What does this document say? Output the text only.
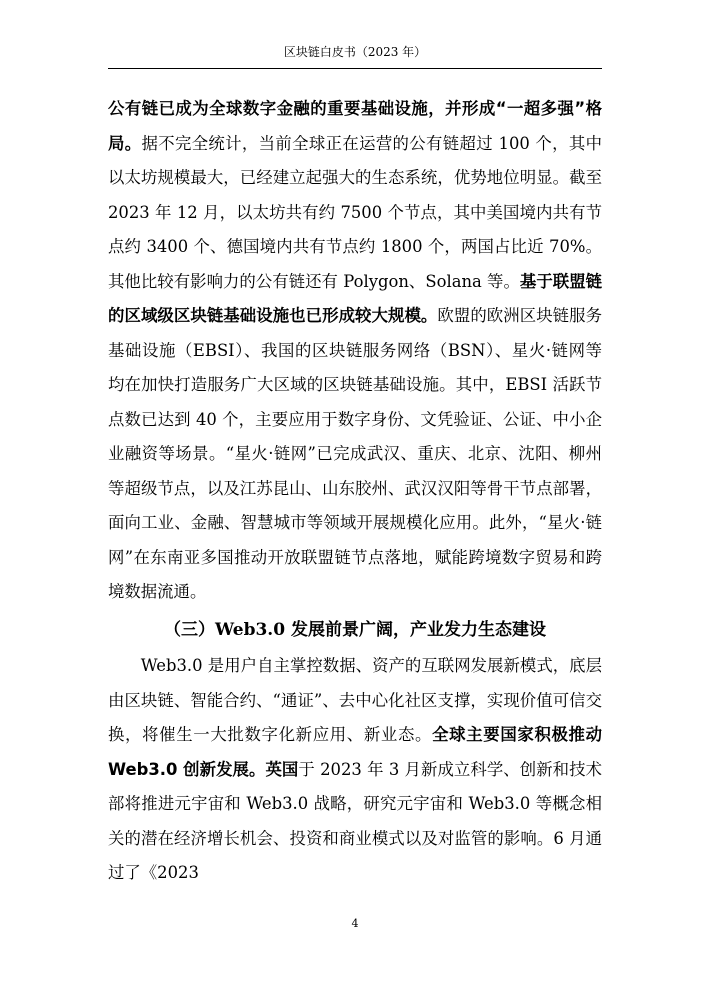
区块链白皮书（2023 年）

公有链已成为全球数字金融的重要基础设施，并形成“一超多强”格局。据不完全统计，当前全球正在运营的公有链超过 100 个，其中以太坊规模最大，已经建立起强大的生态系统，优势地位明显。截至 2023 年 12 月，以太坊共有约 7500 个节点，其中美国境内共有节点约 3400 个、德国境内共有节点约 1800 个，两国占比近 70%。其他比较有影响力的公有链还有 Polygon、Solana 等。基于联盟链的区域级区块链基础设施也已形成较大规模。欧盟的欧洲区块链服务基础设施（EBSI）、我国的区块链服务网络（BSN）、星火·链网等均在加快打造服务广大区域的区块链基础设施。其中，EBSI 活跃节点数已达到 40 个，主要应用于数字身份、文凭验证、公证、中小企业融资等场景。“星火·链网”已完成武汉、重庆、北京、沈阳、柳州等超级节点，以及江苏昆山、山东胶州、武汉汉阳等骨干节点部署，面向工业、金融、智慧城市等领域开展规模化应用。此外，“星火·链网”在东南亚多国推动开放联盟链节点落地，赋能跨境数字贸易和跨境数据流通。

（三）Web3.0 发展前景广阔，产业发力生态建设

Web3.0 是用户自主掌控数据、资产的互联网发展新模式，底层由区块链、智能合约、“通证”、去中心化社区支撑，实现价值可信交换，将催生一大批数字化新应用、新业态。全球主要国家积极推动 Web3.0 创新发展。英国于 2023 年 3 月新成立科学、创新和技术部将推进元宇宙和 Web3.0 战略，研究元宇宙和 Web3.0 等概念相关的潜在经济增长机会、投资和商业模式以及对监管的影响。6 月通过了《2023

4
